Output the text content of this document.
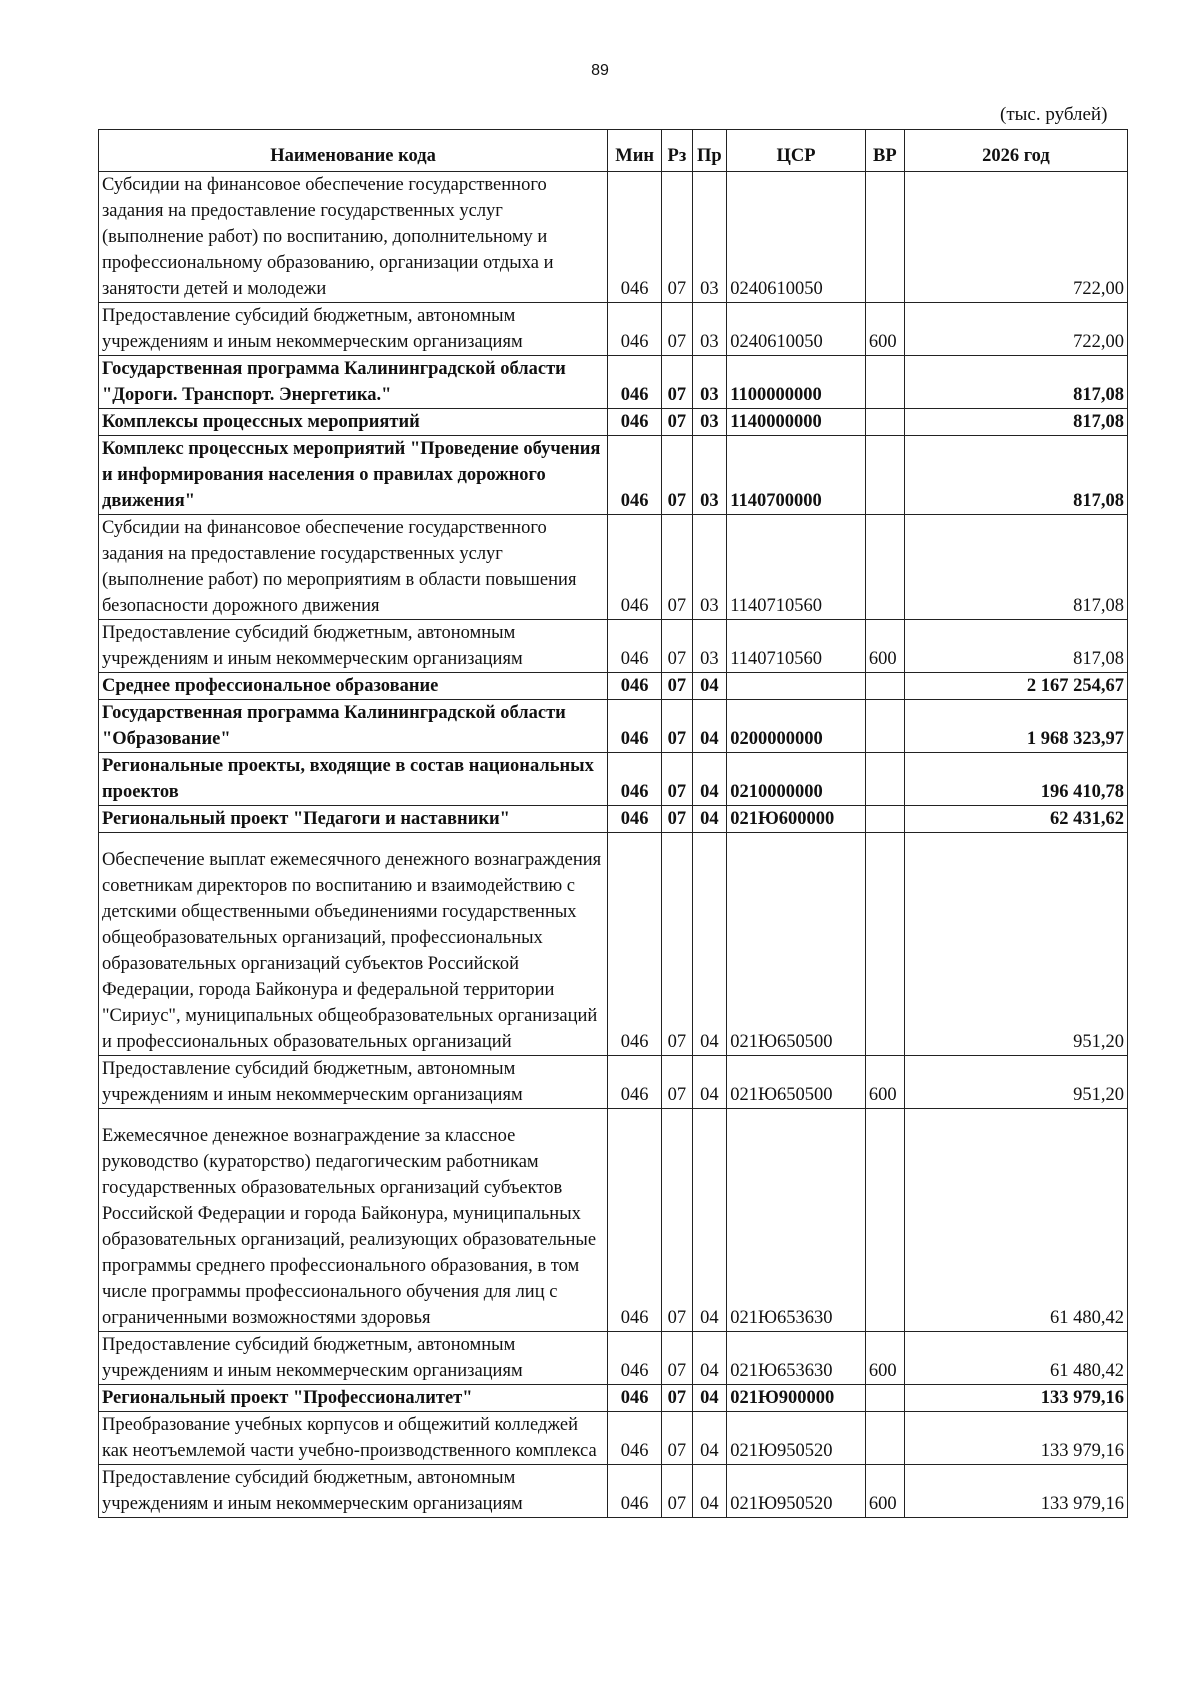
89
(тыс. рублей)
Наименование кода	Мин	Рз	Пр	ЦСР	ВР	2026 год
Субсидии на финансовое обеспечение государственного задания на предоставление государственных услуг (выполнение работ) по воспитанию, дополнительному и профессиональному образованию, организации отдыха и занятости детей и молодежи	046	07	03	0240610050		722,00
Предоставление субсидий бюджетным, автономным учреждениям и иным некоммерческим организациям	046	07	03	0240610050	600	722,00
Государственная программа Калининградской области "Дороги. Транспорт. Энергетика."	046	07	03	1100000000		817,08
Комплексы процессных мероприятий	046	07	03	1140000000		817,08
Комплекс процессных мероприятий "Проведение обучения и информирования населения о правилах дорожного движения"	046	07	03	1140700000		817,08
Субсидии на финансовое обеспечение государственного задания на предоставление государственных услуг (выполнение работ) по мероприятиям в области повышения безопасности дорожного движения	046	07	03	1140710560		817,08
Предоставление субсидий бюджетным, автономным учреждениям и иным некоммерческим организациям	046	07	03	1140710560	600	817,08
Среднее профессиональное образование	046	07	04			2 167 254,67
Государственная программа Калининградской области "Образование"	046	07	04	0200000000		1 968 323,97
Региональные проекты, входящие в состав национальных проектов	046	07	04	0210000000		196 410,78
Региональный проект "Педагоги и наставники"	046	07	04	021Ю600000		62 431,62
Обеспечение выплат ежемесячного денежного вознаграждения советникам директоров по воспитанию и взаимодействию с детскими общественными объединениями государственных общеобразовательных организаций, профессиональных образовательных организаций субъектов Российской Федерации, города Байконура и федеральной территории "Сириус", муниципальных общеобразовательных организаций и профессиональных образовательных организаций	046	07	04	021Ю650500		951,20
Предоставление субсидий бюджетным, автономным учреждениям и иным некоммерческим организациям	046	07	04	021Ю650500	600	951,20
Ежемесячное денежное вознаграждение за классное руководство (кураторство) педагогическим работникам государственных образовательных организаций субъектов Российской Федерации и города Байконура, муниципальных образовательных организаций, реализующих образовательные программы среднего профессионального образования, в том числе программы профессионального обучения для лиц с ограниченными возможностями здоровья	046	07	04	021Ю653630		61 480,42
Предоставление субсидий бюджетным, автономным учреждениям и иным некоммерческим организациям	046	07	04	021Ю653630	600	61 480,42
Региональный проект "Профессионалитет"	046	07	04	021Ю900000		133 979,16
Преобразование учебных корпусов и общежитий колледжей как неотъемлемой части учебно-производственного комплекса	046	07	04	021Ю950520		133 979,16
Предоставление субсидий бюджетным, автономным учреждениям и иным некоммерческим организациям	046	07	04	021Ю950520	600	133 979,16
